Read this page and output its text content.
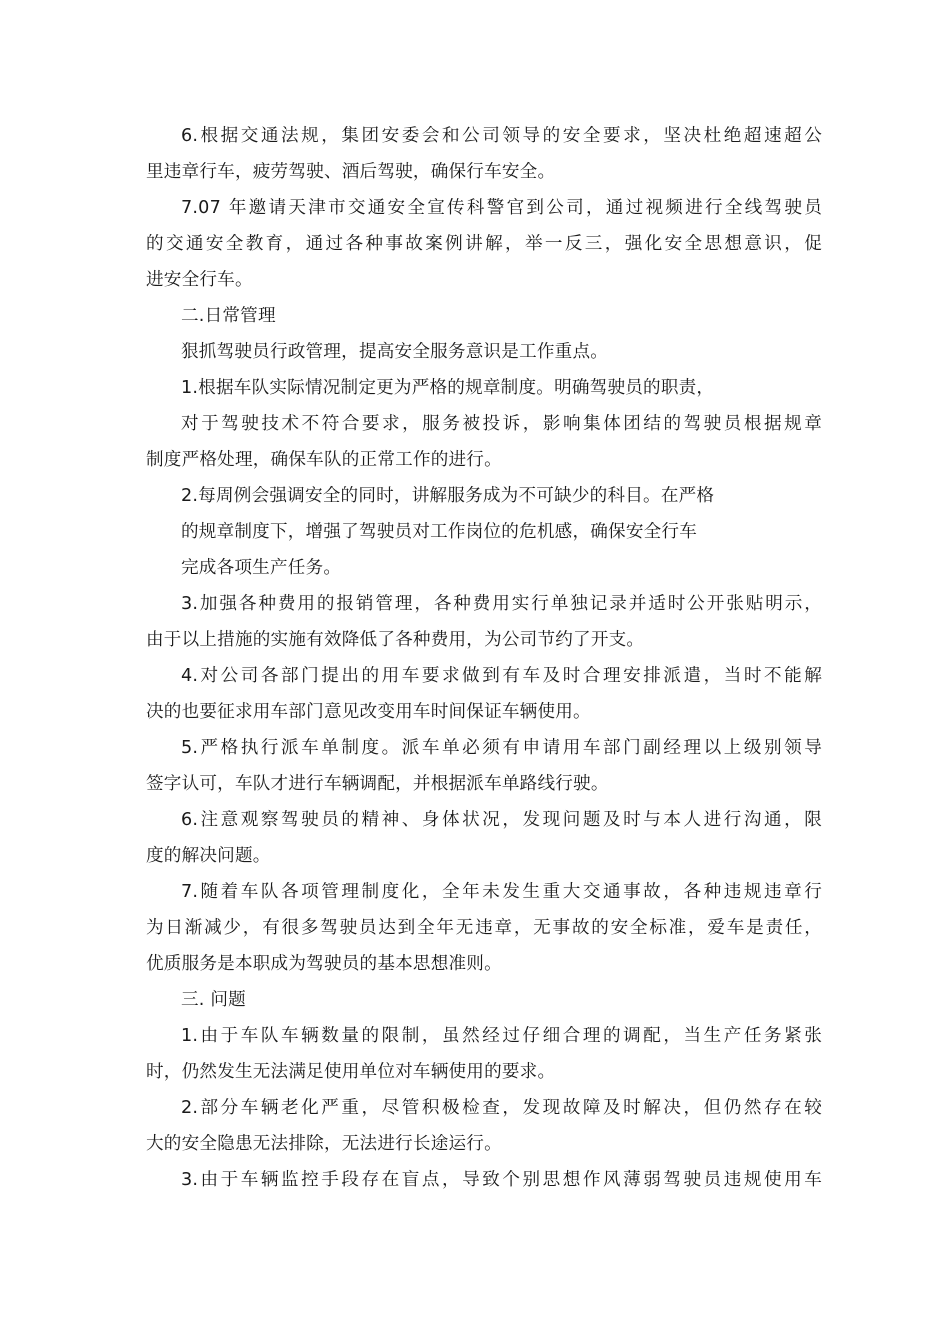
6.根据交通法规，集团安委会和公司领导的安全要求，坚决杜绝超速超公

里违章行车，疲劳驾驶、酒后驾驶，确保行车安全。

7.07 年邀请天津市交通安全宣传科警官到公司，通过视频进行全线驾驶员

的交通安全教育，通过各种事故案例讲解，举一反三，强化安全思想意识，促

进安全行车。

二.日常管理

狠抓驾驶员行政管理，提高安全服务意识是工作重点。

1.根据车队实际情况制定更为严格的规章制度。明确驾驶员的职责，

对于驾驶技术不符合要求，服务被投诉，影响集体团结的驾驶员根据规章

制度严格处理，确保车队的正常工作的进行。

2.每周例会强调安全的同时，讲解服务成为不可缺少的科目。在严格

的规章制度下，增强了驾驶员对工作岗位的危机感，确保安全行车

完成各项生产任务。

3.加强各种费用的报销管理，各种费用实行单独记录并适时公开张贴明示，

由于以上措施的实施有效降低了各种费用，为公司节约了开支。

4.对公司各部门提出的用车要求做到有车及时合理安排派遣，当时不能解

决的也要征求用车部门意见改变用车时间保证车辆使用。

5.严格执行派车单制度。派车单必须有申请用车部门副经理以上级别领导

签字认可，车队才进行车辆调配，并根据派车单路线行驶。

6.注意观察驾驶员的精神、身体状况，发现问题及时与本人进行沟通，限

度的解决问题。

7.随着车队各项管理制度化，全年未发生重大交通事故，各种违规违章行

为日渐减少，有很多驾驶员达到全年无违章，无事故的安全标准，爱车是责任，

优质服务是本职成为驾驶员的基本思想准则。

三. 问题

1.由于车队车辆数量的限制，虽然经过仔细合理的调配，当生产任务紧张

时，仍然发生无法满足使用单位对车辆使用的要求。

2.部分车辆老化严重，尽管积极检查，发现故障及时解决，但仍然存在较

大的安全隐患无法排除，无法进行长途运行。

3.由于车辆监控手段存在盲点，导致个别思想作风薄弱驾驶员违规使用车
